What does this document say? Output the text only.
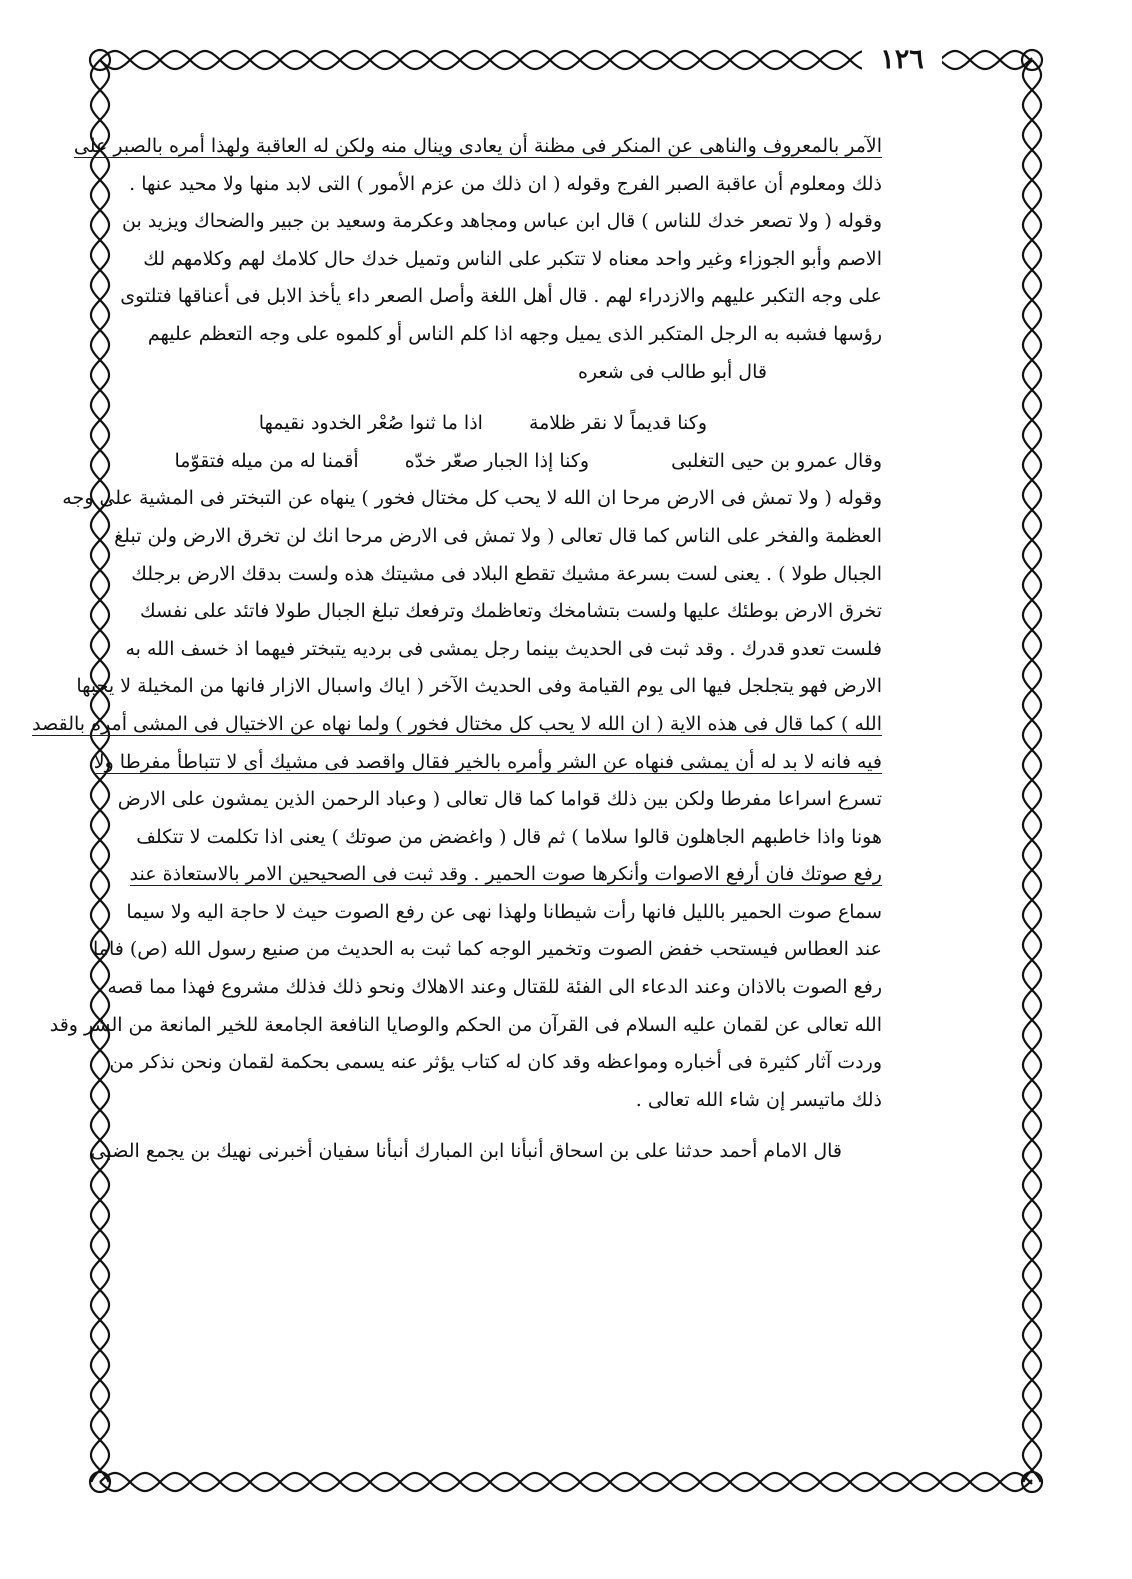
١٢٦
الآمر بالمعروف والناهى عن المنكر فى مظنة أن يعادى وينال منه ولكن له العاقبة ولهذا أمره بالصبر على
ذلك ومعلوم أن عاقبة الصبر الفرج وقوله ( ان ذلك من عزم الأمور ) التى لابد منها ولا محيد عنها .
وقوله ( ولا تصعر خدك للناس ) قال ابن عباس ومجاهد وعكرمة وسعيد بن جبير والضحاك ويزيد بن
الاصم وأبو الجوزاء وغير واحد معناه لا تتكبر على الناس وتميل خدك حال كلامك لهم وكلامهم لك
على وجه التكبر عليهم والازدراء لهم . قال أهل اللغة وأصل الصعر داء يأخذ الابل فى أعناقها فتلتوى
رؤسها فشبه به الرجل المتكبر الذى يميل وجهه اذا كلم الناس أو كلموه على وجه التعظم عليهم
قال أبو طالب فى شعره
وكنا قديماً لا نقر ظلامة
اذا ما ثنوا صُعْر الخدود نقيمها
وقال عمرو بن حيى التغلبى
وكنا إذا الجبار صعّر خدّه
أقمنا له من ميله فتقوّما
وقوله ( ولا تمش فى الارض مرحا ان الله لا يحب كل مختال فخور ) ينهاه عن التبختر فى المشية على وجه
العظمة والفخر على الناس كما قال تعالى ( ولا تمش فى الارض مرحا انك لن تخرق الارض ولن تبلغ
الجبال طولا ) . يعنى لست بسرعة مشيك تقطع البلاد فى مشيتك هذه ولست بدقك الارض برجلك
تخرق الارض بوطئك عليها ولست بتشامخك وتعاظمك وترفعك تبلغ الجبال طولا فاتئد على نفسك
فلست تعدو قدرك . وقد ثبت فى الحديث بينما رجل يمشى فى برديه يتبختر فيهما اذ خسف الله به
الارض فهو يتجلجل فيها الى يوم القيامة وفى الحديث الآخر ( اياك واسبال الازار فانها من المخيلة لا يحبها
الله ) كما قال فى هذه الاية ( ان الله لا يحب كل مختال فخور ) ولما نهاه عن الاختيال فى المشى أمره بالقصد
فيه فانه لا بد له أن يمشى فنهاه عن الشر وأمره بالخير فقال واقصد فى مشيك أى لا تتباطأ مفرطا ولا
تسرع اسراعا مفرطا ولكن بين ذلك قواما كما قال تعالى ( وعباد الرحمن الذين يمشون على الارض
هونا واذا خاطبهم الجاهلون قالوا سلاما ) ثم قال ( واغضض من صوتك ) يعنى اذا تكلمت لا تتكلف
رفع صوتك فان أرفع الاصوات وأنكرها صوت الحمير . وقد ثبت فى الصحيحين الامر بالاستعاذة عند
سماع صوت الحمير بالليل فانها رأت شيطانا ولهذا نهى عن رفع الصوت حيث لا حاجة اليه ولا سيما
عند العطاس فيستحب خفض الصوت وتخمير الوجه كما ثبت به الحديث من صنيع رسول الله (ص) فاما
رفع الصوت بالاذان وعند الدعاء الى الفئة للقتال وعند الاهلاك ونحو ذلك فذلك مشروع فهذا مما قصه
الله تعالى عن لقمان عليه السلام فى القرآن من الحكم والوصايا النافعة الجامعة للخير المانعة من الشر وقد
وردت آثار كثيرة فى أخباره ومواعظه وقد كان له كتاب يؤثر عنه يسمى بحكمة لقمان ونحن نذكر من
ذلك ماتيسر إن شاء الله تعالى .
قال الامام أحمد حدثنا على بن اسحاق أنبأنا ابن المبارك أنبأنا سفيان أخبرنى نهيك بن يجمع الضبى
